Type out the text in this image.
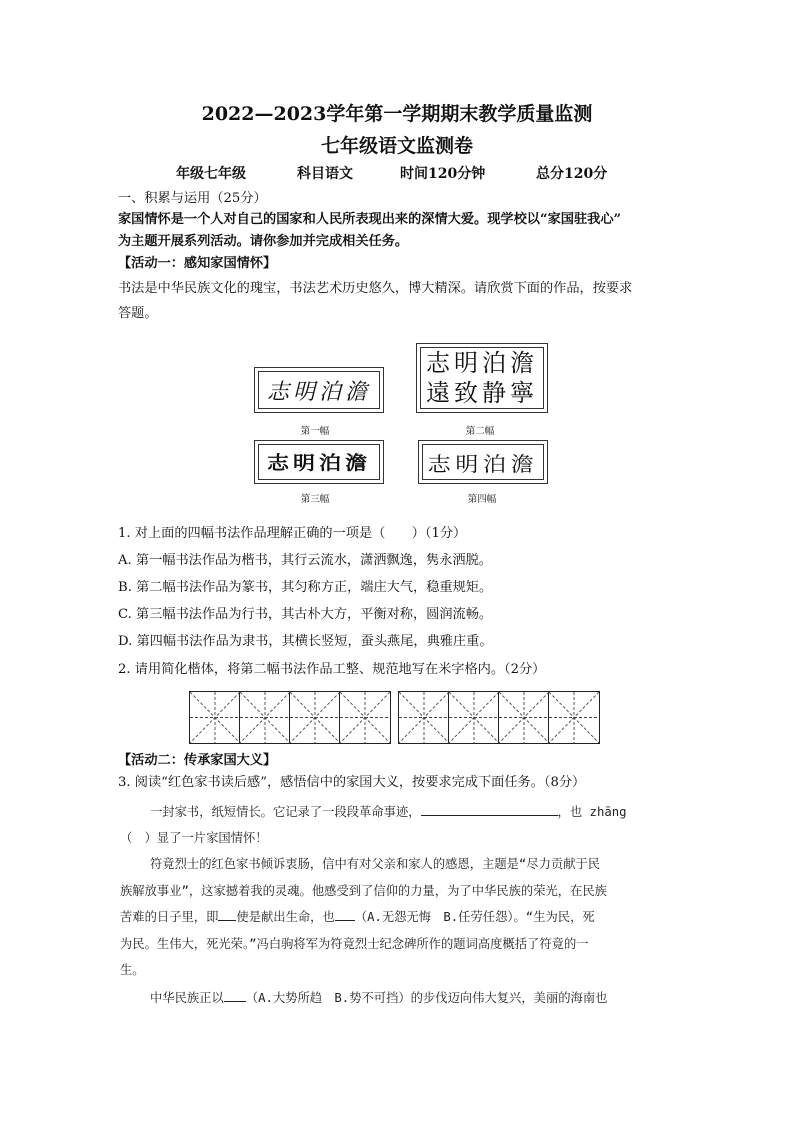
2022—2023学年第一学期期末教学质量监测
七年级语文监测卷
年级七年级	科目语文	时间120分钟	总分120分
一、积累与运用（25分）
家国情怀是一个人对自己的国家和人民所表现出来的深情大爱。现学校以“家国驻我心”
为主题开展系列活动。请你参加并完成相关任务。
【活动一：感知家国情怀】
书法是中华民族文化的瑰宝，书法艺术历史悠久，博大精深。请欣赏下面的作品，按要求
答题。
志明泊澹
第一幅
志明泊澹
遠致静寧
第二幅
志明泊澹
第三幅
志明泊澹
第四幅
1. 对上面的四幅书法作品理解正确的一项是（　　）（1分）
A. 第一幅书法作品为楷书，其行云流水，潇洒飘逸，隽永洒脱。
B. 第二幅书法作品为篆书，其匀称方正，端庄大气，稳重规矩。
C. 第三幅书法作品为行书，其古朴大方，平衡对称，圆润流畅。
D. 第四幅书法作品为隶书，其横长竖短，蚕头燕尾，典雅庄重。
2. 请用简化楷体，将第二幅书法作品工整、规范地写在米字格内。（2分）
【活动二：传承家国大义】
3. 阅读“红色家书读后感”，感悟信中的家国大义，按要求完成下面任务。（8分）
一封家书，纸短情长。它记录了一段段革命事迹，	，也 zhāng
（　）显了一片家国情怀！
符竟烈士的红色家书倾诉衷肠，信中有对父亲和家人的感恩，主题是“尽力贡献于民
族解放事业”，这家撼着我的灵魂。他感受到了信仰的力量，为了中华民族的荣光，在民族
苦难的日子里，即 使是献出生命，也 （A.无怨无悔　B.任劳任怨）。“生为民，死
为民。生伟大，死光荣。”冯白驹将军为符竟烈士纪念碑所作的题词高度概括了符竟的一
生。
中华民族正以 （A.大势所趋　B.势不可挡）的步伐迈向伟大复兴，美丽的海南也
